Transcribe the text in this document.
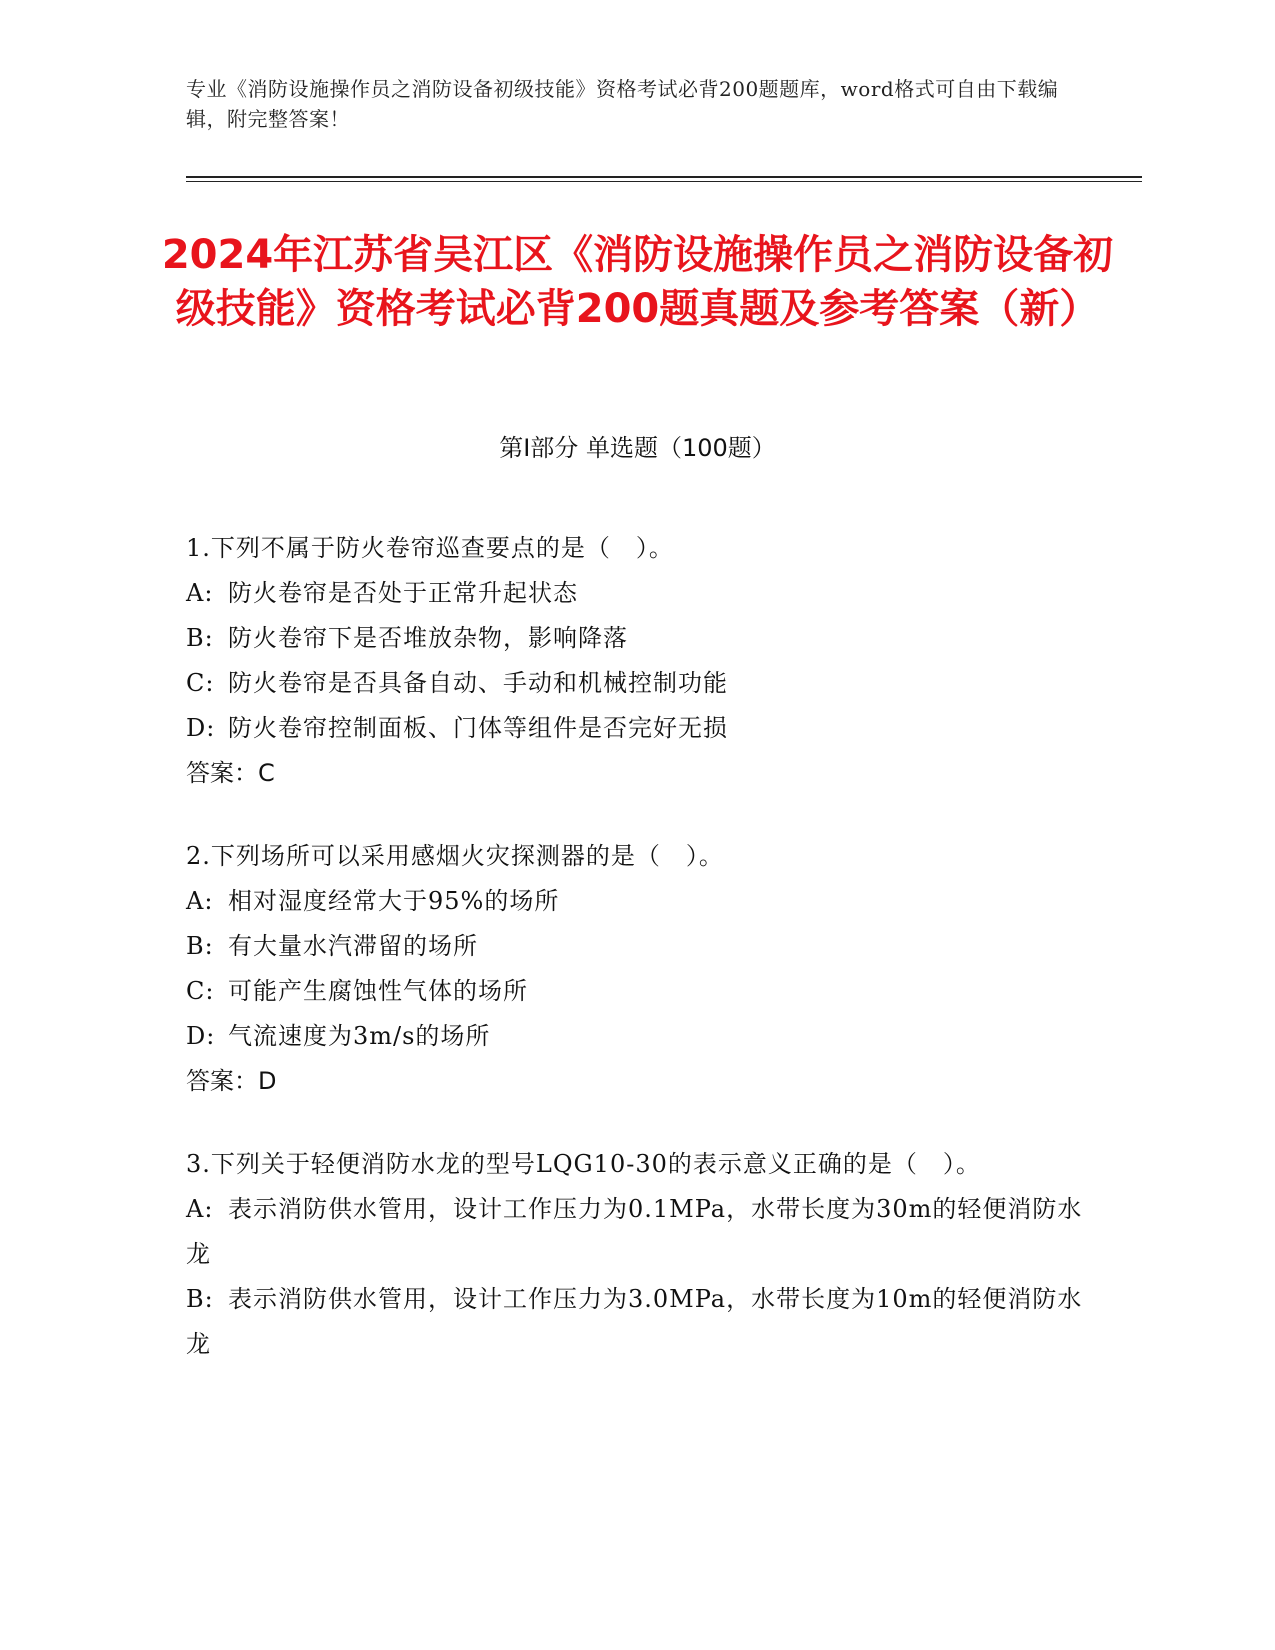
专业《消防设施操作员之消防设备初级技能》资格考试必背200题题库，word格式可自由下载编辑，附完整答案！
2024年江苏省吴江区《消防设施操作员之消防设备初级技能》资格考试必背200题真题及参考答案（新）
第Ⅰ部分 单选题（100题）
1.下列不属于防火卷帘巡查要点的是（　）。
A: 防火卷帘是否处于正常升起状态
B: 防火卷帘下是否堆放杂物，影响降落
C: 防火卷帘是否具备自动、手动和机械控制功能
D: 防火卷帘控制面板、门体等组件是否完好无损
答案：C
2.下列场所可以采用感烟火灾探测器的是（　）。
A: 相对湿度经常大于95%的场所
B: 有大量水汽滞留的场所
C: 可能产生腐蚀性气体的场所
D: 气流速度为3m/s的场所
答案：D
3.下列关于轻便消防水龙的型号LQG10-30的表示意义正确的是（　）。
A: 表示消防供水管用，设计工作压力为0.1MPa，水带长度为30m的轻便消防水龙
B: 表示消防供水管用，设计工作压力为3.0MPa，水带长度为10m的轻便消防水龙
